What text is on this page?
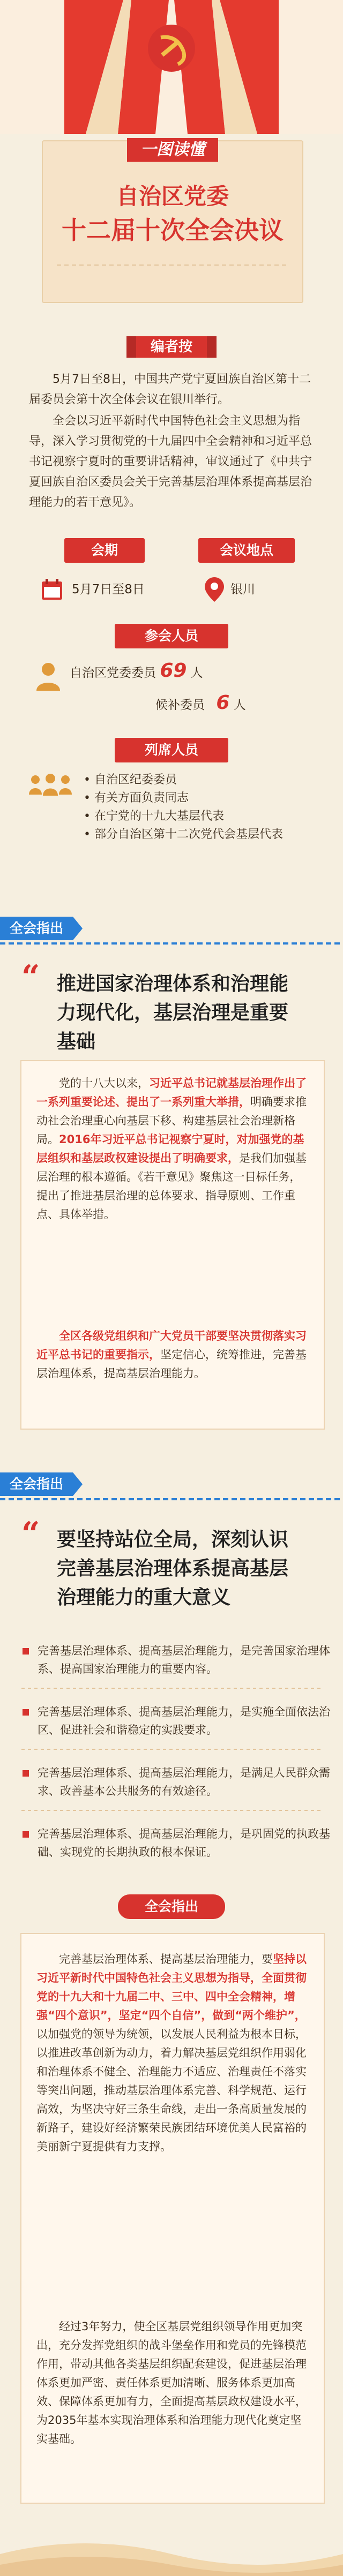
一图读懂
自治区党委
十二届十次全会决议
编者按
5月7日至8日，中国共产党宁夏回族自治区第十二届委员会第十次全体会议在银川举行。
全会以习近平新时代中国特色社会主义思想为指导，深入学习贯彻党的十九届四中全会精神和习近平总书记视察宁夏时的重要讲话精神，审议通过了《中共宁夏回族自治区委员会关于完善基层治理体系提高基层治理能力的若干意见》。
会期	会议地点
5月7日至8日	银川
参会人员
自治区党委委员 69 人
候补委员 6 人
列席人员
• 自治区纪委委员
• 有关方面负责同志
• 在宁党的十九大基层代表
• 部分自治区第十二次党代会基层代表
全会指出
“ 推进国家治理体系和治理能力现代化，基层治理是重要基础
党的十八大以来，习近平总书记就基层治理作出了一系列重要论述、提出了一系列重大举措，明确要求推动社会治理重心向基层下移、构建基层社会治理新格局。2016年习近平总书记视察宁夏时，对加强党的基层组织和基层政权建设提出了明确要求，是我们加强基层治理的根本遵循。《若干意见》聚焦这一目标任务，提出了推进基层治理的总体要求、指导原则、工作重点、具体举措。
全区各级党组织和广大党员干部要坚决贯彻落实习近平总书记的重要指示，坚定信心，统筹推进，完善基层治理体系，提高基层治理能力。
全会指出
“ 要坚持站位全局，深刻认识完善基层治理体系提高基层治理能力的重大意义
完善基层治理体系、提高基层治理能力，是完善国家治理体系、提高国家治理能力的重要内容。
完善基层治理体系、提高基层治理能力，是实施全面依法治区、促进社会和谐稳定的实践要求。
完善基层治理体系、提高基层治理能力，是满足人民群众需求、改善基本公共服务的有效途径。
完善基层治理体系、提高基层治理能力，是巩固党的执政基础、实现党的长期执政的根本保证。
全会指出
完善基层治理体系、提高基层治理能力，要坚持以习近平新时代中国特色社会主义思想为指导，全面贯彻党的十九大和十九届二中、三中、四中全会精神，增强“四个意识”，坚定“四个自信”，做到“两个维护”，以加强党的领导为统领，以发展人民利益为根本目标，以推进改革创新为动力，着力解决基层党组织作用弱化和治理体系不健全、治理能力不适应、治理责任不落实等突出问题，推动基层治理体系完善、科学规范、运行高效，为坚决守好三条生命线，走出一条高质量发展的新路子，建设好经济繁荣民族团结环境优美人民富裕的美丽新宁夏提供有力支撑。
经过3年努力，使全区基层党组织领导作用更加突出，充分发挥党组织的战斗堡垒作用和党员的先锋模范作用，带动其他各类基层组织配套建设，促进基层治理体系更加严密、责任体系更加清晰、服务体系更加高效、保障体系更加有力，全面提高基层政权建设水平，为2035年基本实现治理体系和治理能力现代化奠定坚实基础。
